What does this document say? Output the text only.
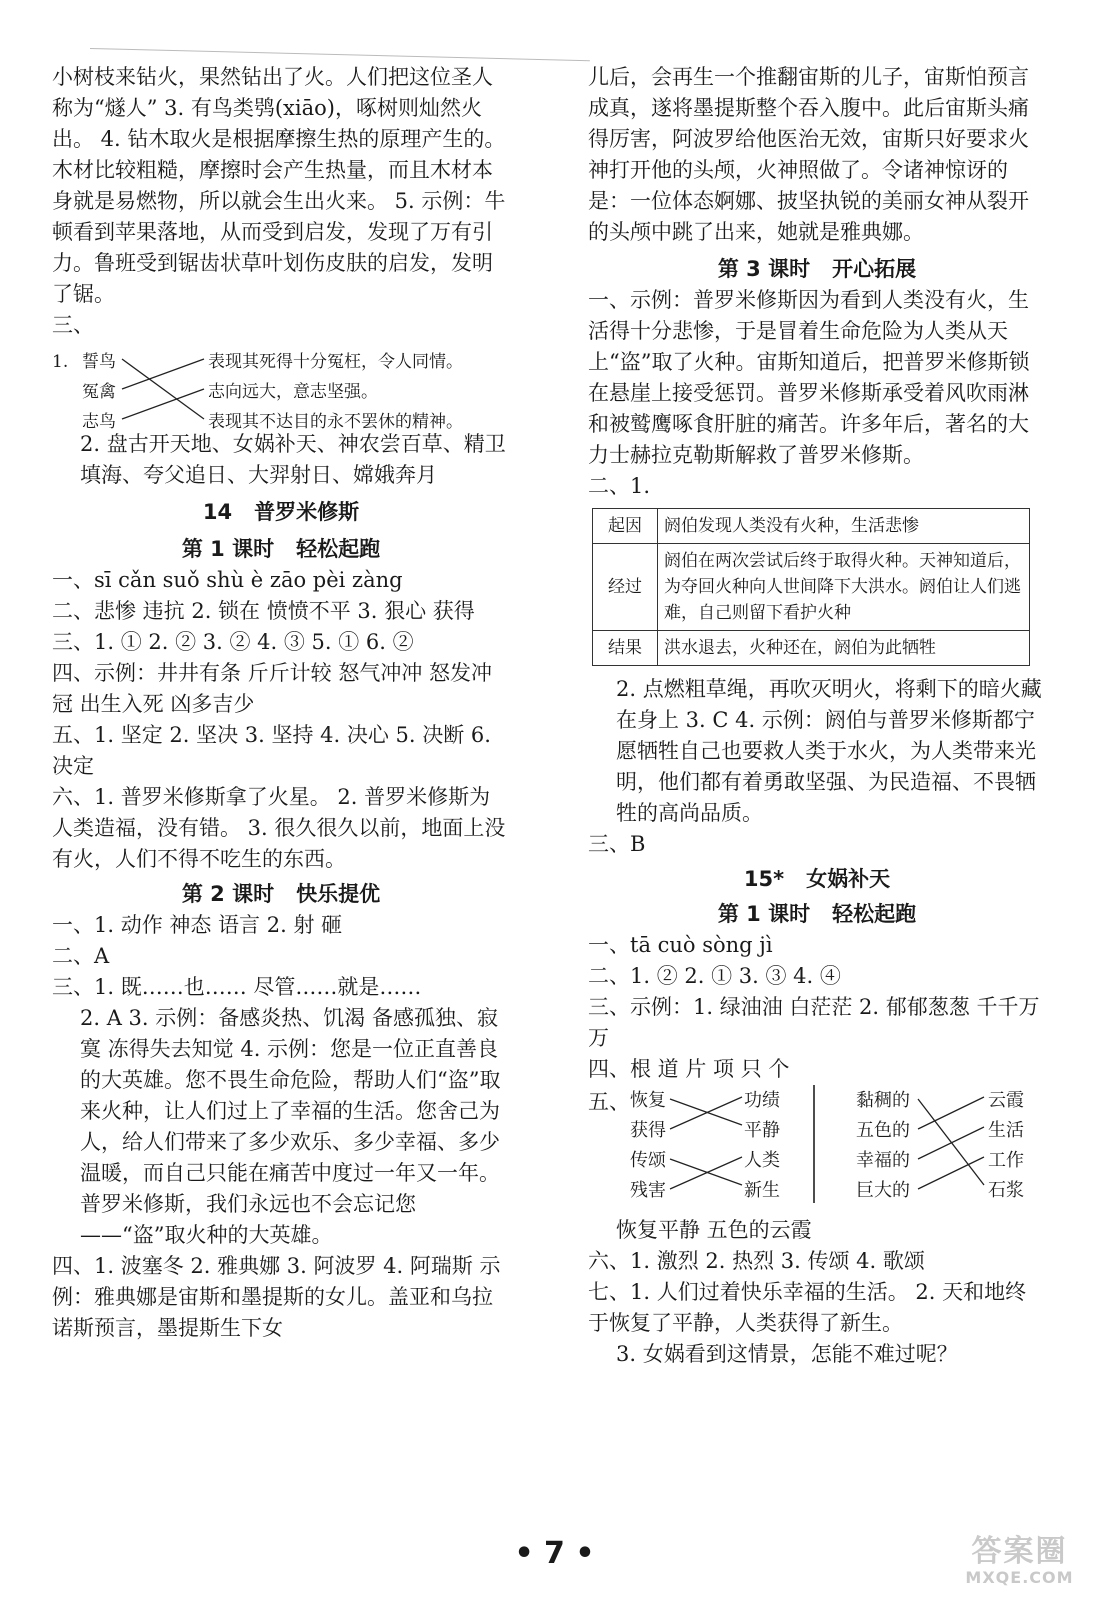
小树枝来钻火，果然钻出了火。人们把这位圣人称为“燧人” 3. 有鸟类鸮(xiāo)，啄树则灿然火出。 4. 钻木取火是根据摩擦生热的原理产生的。木材比较粗糙，摩擦时会产生热量，而且木材本身就是易燃物，所以就会生出火来。 5. 示例：牛顿看到苹果落地，从而受到启发，发现了万有引力。鲁班受到锯齿状草叶划伤皮肤的启发，发明了锯。

三、

1. 誓鸟
冤禽
志鸟
表现其死得十分冤枉，令人同情。
志向远大，意志坚强。
表现其不达目的永不罢休的精神。

2. 盘古开天地、女娲补天、神农尝百草、精卫填海、夸父追日、大羿射日、嫦娥奔月

14 普罗米修斯

第 1 课时 轻松起跑

一、sī cǎn suǒ shù è zāo pèi zàng

二、悲惨 违抗 2. 锁在 愤愤不平 3. 狠心 获得

三、1. ① 2. ② 3. ② 4. ③ 5. ① 6. ②

四、示例：井井有条 斤斤计较 怒气冲冲 怒发冲冠 出生入死 凶多吉少

五、1. 坚定 2. 坚决 3. 坚持 4. 决心 5. 决断 6. 决定

六、1. 普罗米修斯拿了火星。 2. 普罗米修斯为人类造福，没有错。 3. 很久很久以前，地面上没有火，人们不得不吃生的东西。

第 2 课时 快乐提优

一、1. 动作 神态 语言 2. 射 砸

二、A

三、1. 既……也…… 尽管……就是……

2. A 3. 示例：备感炎热、饥渴 备感孤独、寂寞 冻得失去知觉 4. 示例：您是一位正直善良的大英雄。您不畏生命危险，帮助人们“盗”取来火种，让人们过上了幸福的生活。您舍己为人，给人们带来了多少欢乐、多少幸福、多少温暖，而自己只能在痛苦中度过一年又一年。普罗米修斯，我们永远也不会忘记您——“盗”取火种的大英雄。

四、1. 波塞冬 2. 雅典娜 3. 阿波罗 4. 阿瑞斯 示例：雅典娜是宙斯和墨提斯的女儿。盖亚和乌拉诺斯预言，墨提斯生下女

儿后，会再生一个推翻宙斯的儿子，宙斯怕预言成真，遂将墨提斯整个吞入腹中。此后宙斯头痛得厉害，阿波罗给他医治无效，宙斯只好要求火神打开他的头颅，火神照做了。令诸神惊讶的是：一位体态婀娜、披坚执锐的美丽女神从裂开的头颅中跳了出来，她就是雅典娜。

第 3 课时 开心拓展

一、示例：普罗米修斯因为看到人类没有火，生活得十分悲惨，于是冒着生命危险为人类从天上“盗”取了火种。宙斯知道后，把普罗米修斯锁在悬崖上接受惩罚。普罗米修斯承受着风吹雨淋和被鹫鹰啄食肝脏的痛苦。许多年后，著名的大力士赫拉克勒斯解救了普罗米修斯。

二、1.

起因	阏伯发现人类没有火种，生活悲惨
经过	阏伯在两次尝试后终于取得火种。天神知道后，为夺回火种向人世间降下大洪水。阏伯让人们逃难，自己则留下看护火种
结果	洪水退去，火种还在，阏伯为此牺牲

2. 点燃粗草绳，再吹灭明火，将剩下的暗火藏在身上 3. C 4. 示例：阏伯与普罗米修斯都宁愿牺牲自己也要救人类于水火，为人类带来光明，他们都有着勇敢坚强、为民造福、不畏牺牲的高尚品质。

三、B

15* 女娲补天

第 1 课时 轻松起跑

一、tā cuò sòng jì

二、1. ② 2. ① 3. ③ 4. ④

三、示例：1. 绿油油 白茫茫 2. 郁郁葱葱 千千万万

四、根 道 片 项 只 个

五、 恢复
获得
传颂
残害
功绩
平静
人类
新生
黏稠的
五色的
幸福的
巨大的
云霞
生活
工作
石浆

恢复平静 五色的云霞

六、1. 激烈 2. 热烈 3. 传颂 4. 歌颂

七、1. 人们过着快乐幸福的生活。 2. 天和地终于恢复了平静，人类获得了新生。

3. 女娲看到这情景，怎能不难过呢？

• 7 •	答案圈
MXQE.COM
